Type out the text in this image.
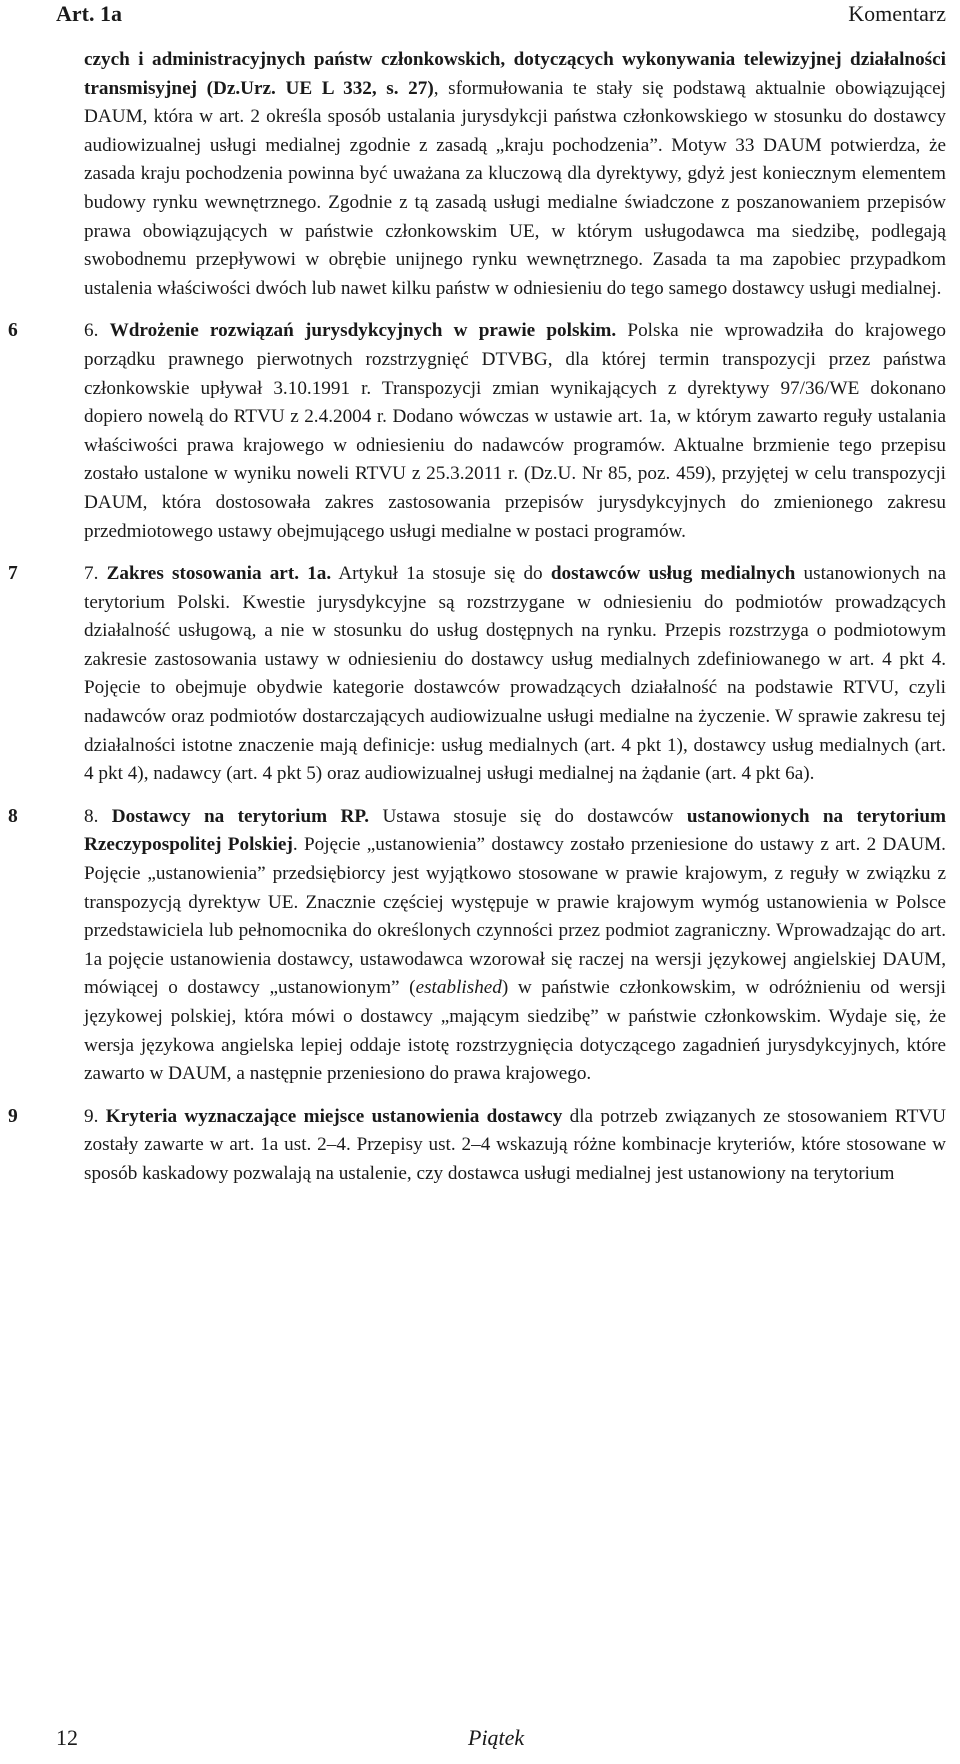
Art. 1a	Komentarz

czych i administracyjnych państw członkowskich, dotyczących wykonywania telewizyjnej działalności transmisyjnej (Dz.Urz. UE L 332, s. 27), sformułowania te stały się podstawą aktualnie obowiązującej DAUM, która w art. 2 określa sposób ustalania jurysdykcji państwa członkowskiego w stosunku do dostawcy audiowizualnej usługi medialnej zgodnie z zasadą „kraju pochodzenia”. Motyw 33 DAUM potwierdza, że zasada kraju pochodzenia powinna być uważana za kluczową dla dyrektywy, gdyż jest koniecznym elementem budowy rynku wewnętrznego. Zgodnie z tą zasadą usługi medialne świadczone z poszanowaniem przepisów prawa obowiązujących w państwie członkowskim UE, w którym usługodawca ma siedzibę, podlegają swobodnemu przepływowi w obrębie unijnego rynku wewnętrznego. Zasada ta ma zapobiec przypadkom ustalenia właściwości dwóch lub nawet kilku państw w odniesieniu do tego samego dostawcy usługi medialnej.

6	6. Wdrożenie rozwiązań jurysdykcyjnych w prawie polskim. Polska nie wprowadziła do krajowego porządku prawnego pierwotnych rozstrzygnięć DTVBG, dla której termin transpozycji przez państwa członkowskie upływał 3.10.1991 r. Transpozycji zmian wynikających z dyrektywy 97/36/WE dokonano dopiero nowelą do RTVU z 2.4.2004 r. Dodano wówczas w ustawie art. 1a, w którym zawarto reguły ustalania właściwości prawa krajowego w odniesieniu do nadawców programów. Aktualne brzmienie tego przepisu zostało ustalone w wyniku noweli RTVU z 25.3.2011 r. (Dz.U. Nr 85, poz. 459), przyjętej w celu transpozycji DAUM, która dostosowała zakres zastosowania przepisów jurysdykcyjnych do zmienionego zakresu przedmiotowego ustawy obejmującego usługi medialne w postaci programów.

7	7. Zakres stosowania art. 1a. Artykuł 1a stosuje się do dostawców usług medialnych ustanowionych na terytorium Polski. Kwestie jurysdykcyjne są rozstrzygane w odniesieniu do podmiotów prowadzących działalność usługową, a nie w stosunku do usług dostępnych na rynku. Przepis rozstrzyga o podmiotowym zakresie zastosowania ustawy w odniesieniu do dostawcy usług medialnych zdefiniowanego w art. 4 pkt 4. Pojęcie to obejmuje obydwie kategorie dostawców prowadzących działalność na podstawie RTVU, czyli nadawców oraz podmiotów dostarczających audiowizualne usługi medialne na życzenie. W sprawie zakresu tej działalności istotne znaczenie mają definicje: usług medialnych (art. 4 pkt 1), dostawcy usług medialnych (art. 4 pkt 4), nadawcy (art. 4 pkt 5) oraz audiowizualnej usługi medialnej na żądanie (art. 4 pkt 6a).

8	8. Dostawcy na terytorium RP. Ustawa stosuje się do dostawców ustanowionych na terytorium Rzeczypospolitej Polskiej. Pojęcie „ustanowienia” dostawcy zostało przeniesione do ustawy z art. 2 DAUM. Pojęcie „ustanowienia” przedsiębiorcy jest wyjątkowo stosowane w prawie krajowym, z reguły w związku z transpozycją dyrektyw UE. Znacznie częściej występuje w prawie krajowym wymóg ustanowienia w Polsce przedstawiciela lub pełnomocnika do określonych czynności przez podmiot zagraniczny. Wprowadzając do art. 1a pojęcie ustanowienia dostawcy, ustawodawca wzorował się raczej na wersji językowej angielskiej DAUM, mówiącej o dostawcy „ustanowionym” (established) w państwie członkowskim, w odróżnieniu od wersji językowej polskiej, która mówi o dostawcy „mającym siedzibę” w państwie członkowskim. Wydaje się, że wersja językowa angielska lepiej oddaje istotę rozstrzygnięcia dotyczącego zagadnień jurysdykcyjnych, które zawarto w DAUM, a następnie przeniesiono do prawa krajowego.

9	9. Kryteria wyznaczające miejsce ustanowienia dostawcy dla potrzeb związanych ze stosowaniem RTVU zostały zawarte w art. 1a ust. 2–4. Przepisy ust. 2–4 wskazują różne kombinacje kryteriów, które stosowane w sposób kaskadowy pozwalają na ustalenie, czy dostawca usługi medialnej jest ustanowiony na terytorium

12	Piątek
